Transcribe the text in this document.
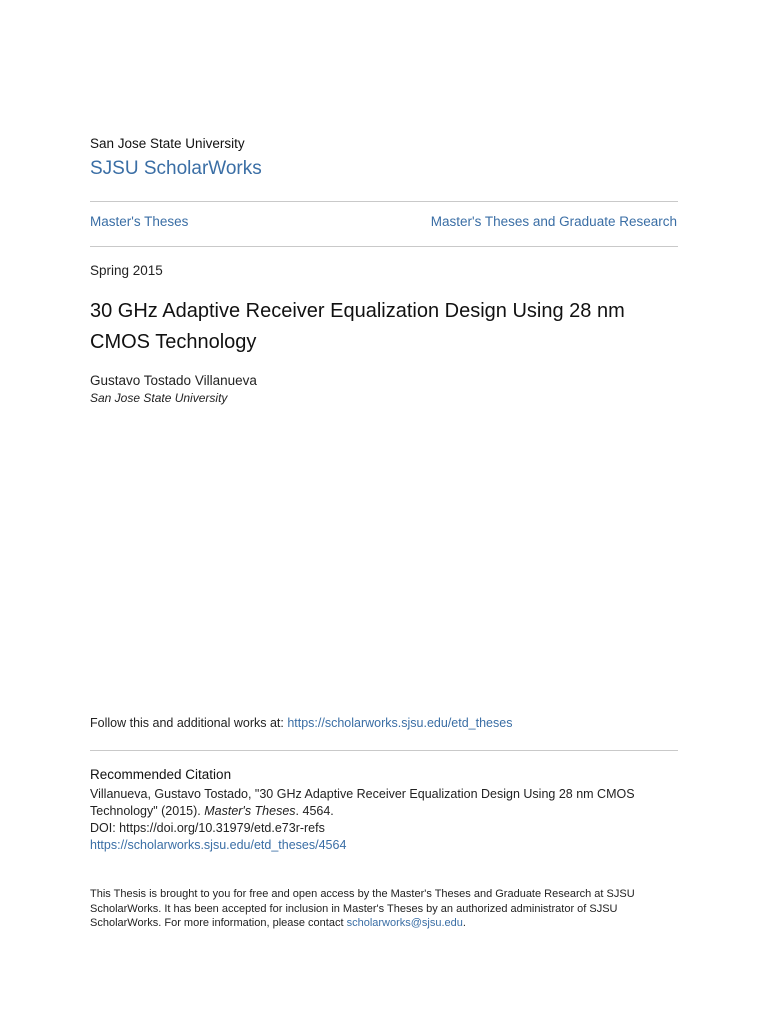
San Jose State University
SJSU ScholarWorks
Master's Theses	Master's Theses and Graduate Research
Spring 2015
30 GHz Adaptive Receiver Equalization Design Using 28 nm CMOS Technology
Gustavo Tostado Villanueva
San Jose State University
Follow this and additional works at: https://scholarworks.sjsu.edu/etd_theses
Recommended Citation
Villanueva, Gustavo Tostado, "30 GHz Adaptive Receiver Equalization Design Using 28 nm CMOS
Technology" (2015). Master's Theses. 4564.
DOI: https://doi.org/10.31979/etd.e73r-refs
https://scholarworks.sjsu.edu/etd_theses/4564
This Thesis is brought to you for free and open access by the Master's Theses and Graduate Research at SJSU
ScholarWorks. It has been accepted for inclusion in Master's Theses by an authorized administrator of SJSU
ScholarWorks. For more information, please contact scholarworks@sjsu.edu.
